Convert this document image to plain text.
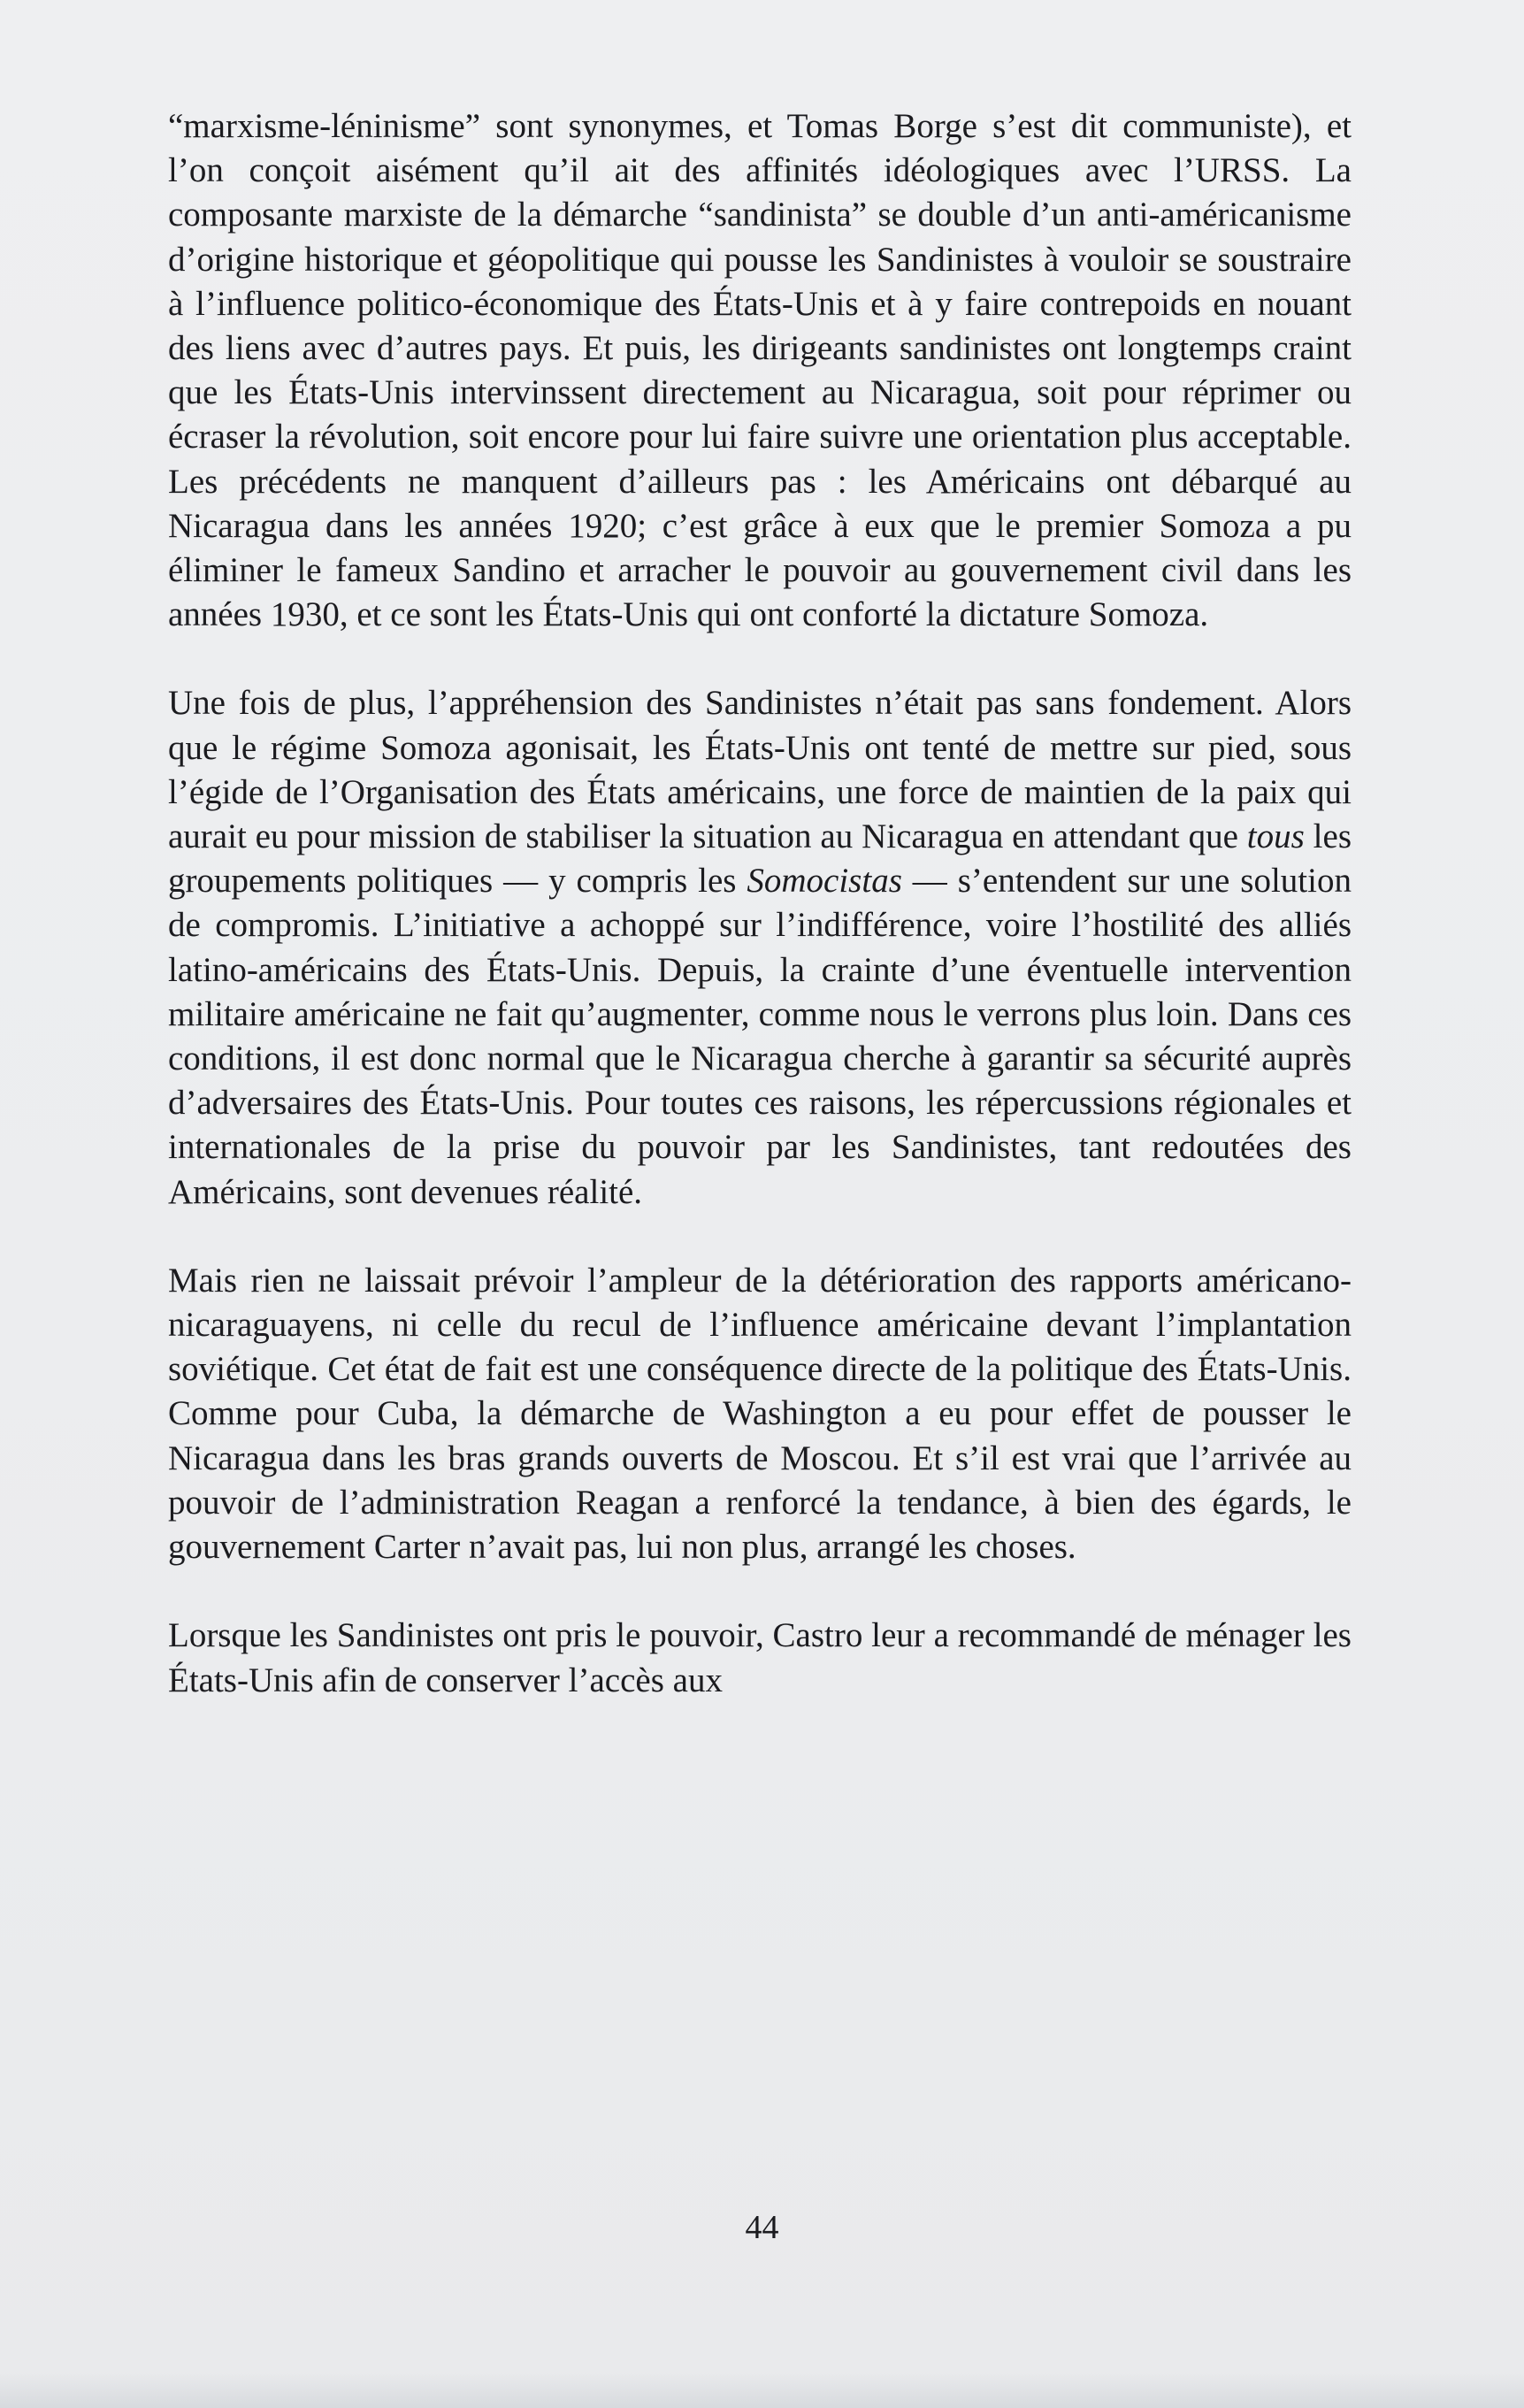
“marxisme-léninisme” sont synonymes, et Tomas Borge s’est dit communiste), et l’on conçoit aisément qu’il ait des affinités idéologiques avec l’URSS. La composante marxiste de la démarche “sandinista” se double d’un anti-américanisme d’origine historique et géopolitique qui pousse les Sandinistes à vouloir se soustraire à l’influence politico-économique des États-Unis et à y faire contrepoids en nouant des liens avec d’autres pays. Et puis, les dirigeants sandinistes ont longtemps craint que les États-Unis intervinssent directement au Nicaragua, soit pour réprimer ou écraser la révolution, soit encore pour lui faire suivre une orientation plus acceptable. Les précédents ne manquent d’ailleurs pas : les Américains ont débarqué au Nicaragua dans les années 1920; c’est grâce à eux que le premier Somoza a pu éliminer le fameux Sandino et arracher le pouvoir au gouvernement civil dans les années 1930, et ce sont les États-Unis qui ont conforté la dictature Somoza.

Une fois de plus, l’appréhension des Sandinistes n’était pas sans fondement. Alors que le régime Somoza agonisait, les États-Unis ont tenté de mettre sur pied, sous l’égide de l’Organisation des États américains, une force de maintien de la paix qui aurait eu pour mission de stabiliser la situation au Nicaragua en attendant que tous les groupements politiques — y compris les Somocistas — s’entendent sur une solution de compromis. L’initiative a achoppé sur l’indifférence, voire l’hostilité des alliés latino-américains des États-Unis. Depuis, la crainte d’une éventuelle intervention militaire américaine ne fait qu’augmenter, comme nous le verrons plus loin. Dans ces conditions, il est donc normal que le Nicaragua cherche à garantir sa sécurité auprès d’adversaires des États-Unis. Pour toutes ces raisons, les répercussions régionales et internationales de la prise du pouvoir par les Sandinistes, tant redoutées des Américains, sont devenues réalité.

Mais rien ne laissait prévoir l’ampleur de la détérioration des rapports américano-nicaraguayens, ni celle du recul de l’influence américaine devant l’implantation soviétique. Cet état de fait est une conséquence directe de la politique des États-Unis. Comme pour Cuba, la démarche de Washington a eu pour effet de pousser le Nicaragua dans les bras grands ouverts de Moscou. Et s’il est vrai que l’arrivée au pouvoir de l’administration Reagan a renforcé la tendance, à bien des égards, le gouvernement Carter n’avait pas, lui non plus, arrangé les choses.

Lorsque les Sandinistes ont pris le pouvoir, Castro leur a recommandé de ménager les États-Unis afin de conserver l’accès aux

44
